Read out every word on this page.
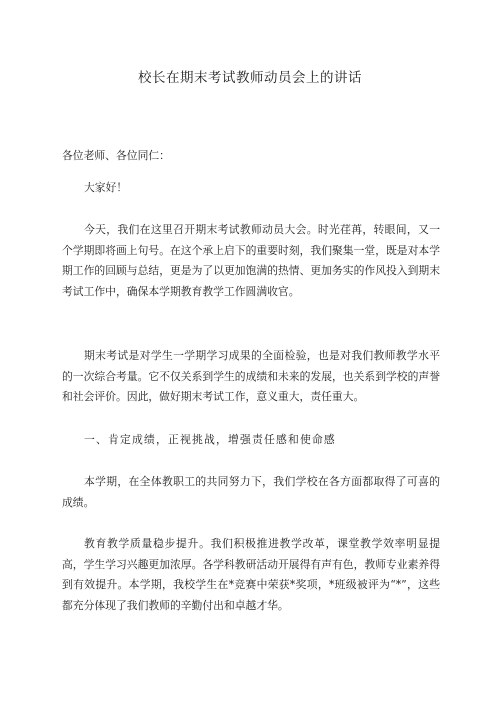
校长在期末考试教师动员会上的讲话

各位老师、各位同仁：

大家好！

今天，我们在这里召开期末考试教师动员大会。时光荏苒，转眼间，又一个学期即将画上句号。在这个承上启下的重要时刻，我们聚集一堂，既是对本学期工作的回顾与总结，更是为了以更加饱满的热情、更加务实的作风投入到期末考试工作中，确保本学期教育教学工作圆满收官。

期末考试是对学生一学期学习成果的全面检验，也是对我们教师教学水平的一次综合考量。它不仅关系到学生的成绩和未来的发展，也关系到学校的声誉和社会评价。因此，做好期末考试工作，意义重大，责任重大。

一、肯定成绩，正视挑战，增强责任感和使命感

本学期，在全体教职工的共同努力下，我们学校在各方面都取得了可喜的成绩。

教育教学质量稳步提升。我们积极推进教学改革，课堂教学效率明显提高，学生学习兴趣更加浓厚。各学科教研活动开展得有声有色，教师专业素养得到有效提升。本学期，我校学生在*竞赛中荣获*奖项，*班级被评为“*”，这些都充分体现了我们教师的辛勤付出和卓越才华。
